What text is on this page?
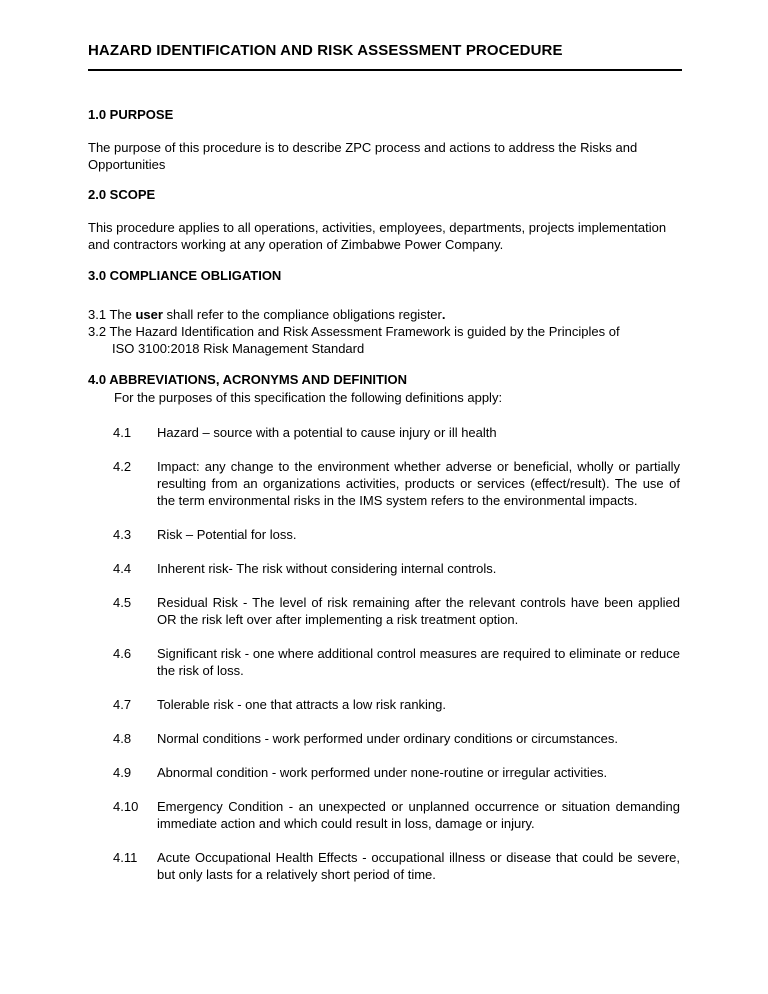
HAZARD IDENTIFICATION AND RISK ASSESSMENT PROCEDURE

1.0 PURPOSE

The purpose of this procedure is to describe ZPC process and actions to address the Risks and Opportunities

2.0 SCOPE

This procedure applies to all operations, activities, employees, departments, projects implementation and contractors working at any operation of Zimbabwe Power Company.

3.0 COMPLIANCE OBLIGATION

3.1 The user shall refer to the compliance obligations register.

3.2 The Hazard Identification and Risk Assessment Framework is guided by the Principles of
ISO 3100:2018 Risk Management Standard

4.0 ABBREVIATIONS, ACRONYMS AND DEFINITION

For the purposes of this specification the following definitions apply:

4.1	Hazard – source with a potential to cause injury or ill health
4.2	Impact: any change to the environment whether adverse or beneficial, wholly or partially resulting from an organizations activities, products or services (effect/result). The use of the term environmental risks in the IMS system refers to the environmental impacts.
4.3	Risk – Potential for loss.
4.4	Inherent risk- The risk without considering internal controls.
4.5	Residual Risk - The level of risk remaining after the relevant controls have been applied OR the risk left over after implementing a risk treatment option.
4.6	Significant risk - one where additional control measures are required to eliminate or reduce the risk of loss.
4.7	Tolerable risk - one that attracts a low risk ranking.
4.8	Normal conditions - work performed under ordinary conditions or circumstances.
4.9	Abnormal condition - work performed under none-routine or irregular activities.
4.10	Emergency Condition - an unexpected or unplanned occurrence or situation demanding immediate action and which could result in loss, damage or injury.
4.11	Acute Occupational Health Effects - occupational illness or disease that could be severe, but only lasts for a relatively short period of time.
